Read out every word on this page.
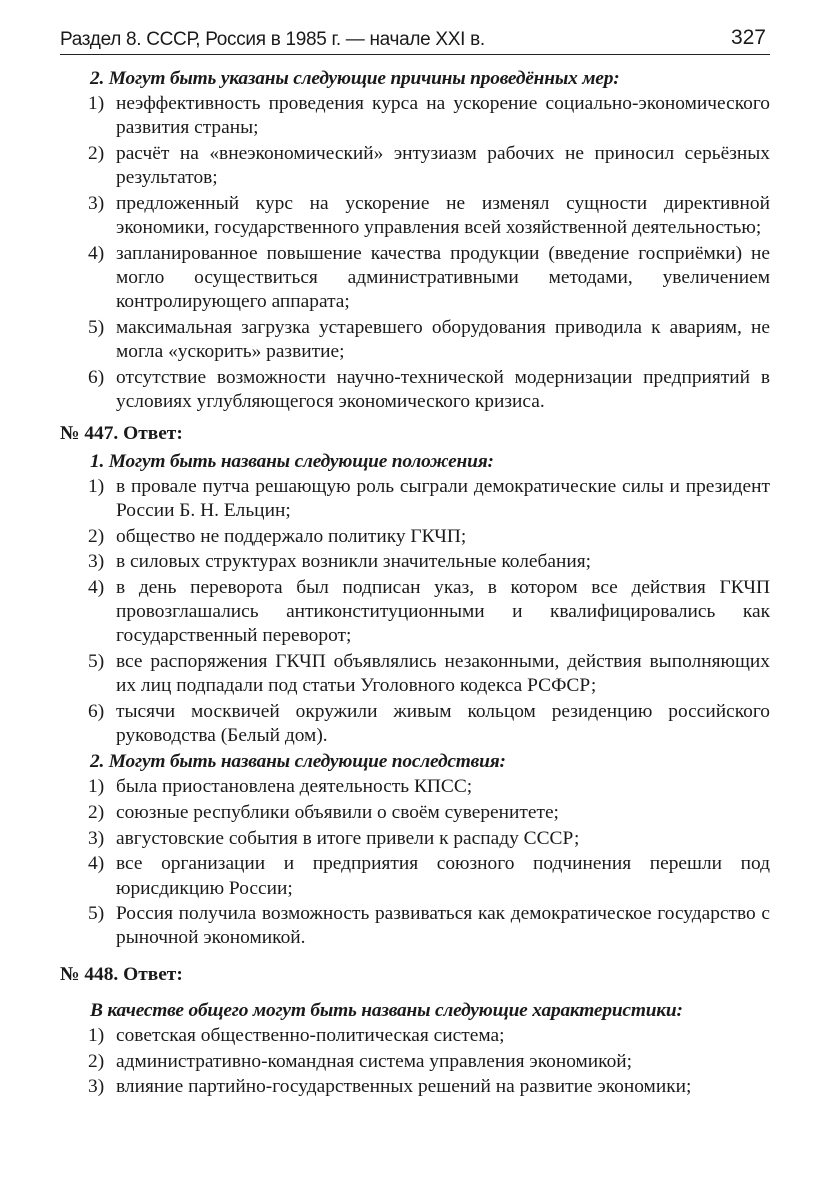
Раздел 8. СССР, Россия в 1985 г. — начале XXI в.	327
2. Могут быть указаны следующие причины проведённых мер:
1) неэффективность проведения курса на ускорение социально-экономического развития страны;
2) расчёт на «внеэкономический» энтузиазм рабочих не приносил серьёзных результатов;
3) предложенный курс на ускорение не изменял сущности директивной экономики, государственного управления всей хозяйственной деятельностью;
4) запланированное повышение качества продукции (введение госприёмки) не могло осуществиться административными методами, увеличением контролирующего аппарата;
5) максимальная загрузка устаревшего оборудования приводила к авариям, не могла «ускорить» развитие;
6) отсутствие возможности научно-технической модернизации предприятий в условиях углубляющегося экономического кризиса.
№ 447. Ответ:
1. Могут быть названы следующие положения:
1) в провале путча решающую роль сыграли демократические силы и президент России Б. Н. Ельцин;
2) общество не поддержало политику ГКЧП;
3) в силовых структурах возникли значительные колебания;
4) в день переворота был подписан указ, в котором все действия ГКЧП провозглашались антиконституционными и квалифицировались как государственный переворот;
5) все распоряжения ГКЧП объявлялись незаконными, действия выполняющих их лиц подпадали под статьи Уголовного кодекса РСФСР;
6) тысячи москвичей окружили живым кольцом резиденцию российского руководства (Белый дом).
2. Могут быть названы следующие последствия:
1) была приостановлена деятельность КПСС;
2) союзные республики объявили о своём суверенитете;
3) августовские события в итоге привели к распаду СССР;
4) все организации и предприятия союзного подчинения перешли под юрисдикцию России;
5) Россия получила возможность развиваться как демократическое государство с рыночной экономикой.
№ 448. Ответ:
В качестве общего могут быть названы следующие характеристики:
1) советская общественно-политическая система;
2) административно-командная система управления экономикой;
3) влияние партийно-государственных решений на развитие экономики;
